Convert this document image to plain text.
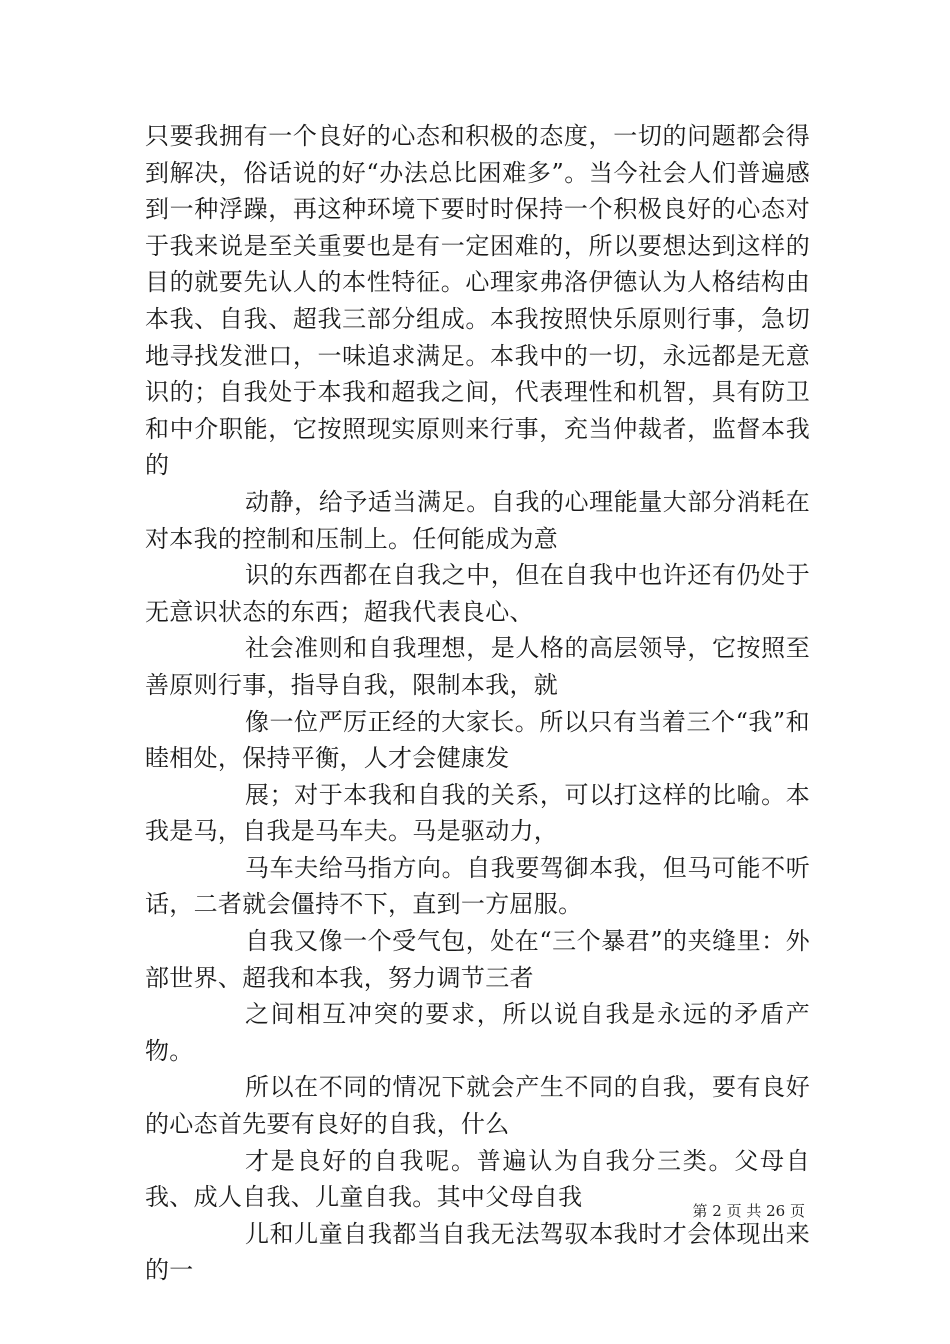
只要我拥有一个良好的心态和积极的态度，一切的问题都会得到解决，俗话说的好“办法总比困难多”。当今社会人们普遍感到一种浮躁，再这种环境下要时时保持一个积极良好的心态对于我来说是至关重要也是有一定困难的，所以要想达到这样的目的就要先认人的本性特征。心理家弗洛伊德认为人格结构由本我、自我、超我三部分组成。本我按照快乐原则行事，急切地寻找发泄口，一味追求满足。本我中的一切，永远都是无意识的；自我处于本我和超我之间，代表理性和机智，具有防卫和中介职能，它按照现实原则来行事，充当仲裁者，监督本我的

动静，给予适当满足。自我的心理能量大部分消耗在对本我的控制和压制上。任何能成为意

识的东西都在自我之中，但在自我中也许还有仍处于无意识状态的东西；超我代表良心、

社会准则和自我理想，是人格的高层领导，它按照至善原则行事，指导自我，限制本我，就

像一位严厉正经的大家长。所以只有当着三个“我”和睦相处，保持平衡，人才会健康发

展；对于本我和自我的关系，可以打这样的比喻。本我是马，自我是马车夫。马是驱动力，

马车夫给马指方向。自我要驾御本我，但马可能不听话，二者就会僵持不下，直到一方屈服。

自我又像一个受气包，处在“三个暴君”的夹缝里：外部世界、超我和本我，努力调节三者

之间相互冲突的要求，所以说自我是永远的矛盾产物。

所以在不同的情况下就会产生不同的自我，要有良好的心态首先要有良好的自我，什么

才是良好的自我呢。普遍认为自我分三类。父母自我、成人自我、儿童自我。其中父母自我

儿和儿童自我都当自我无法驾驭本我时才会体现出来的一

第 2 页 共 26 页
